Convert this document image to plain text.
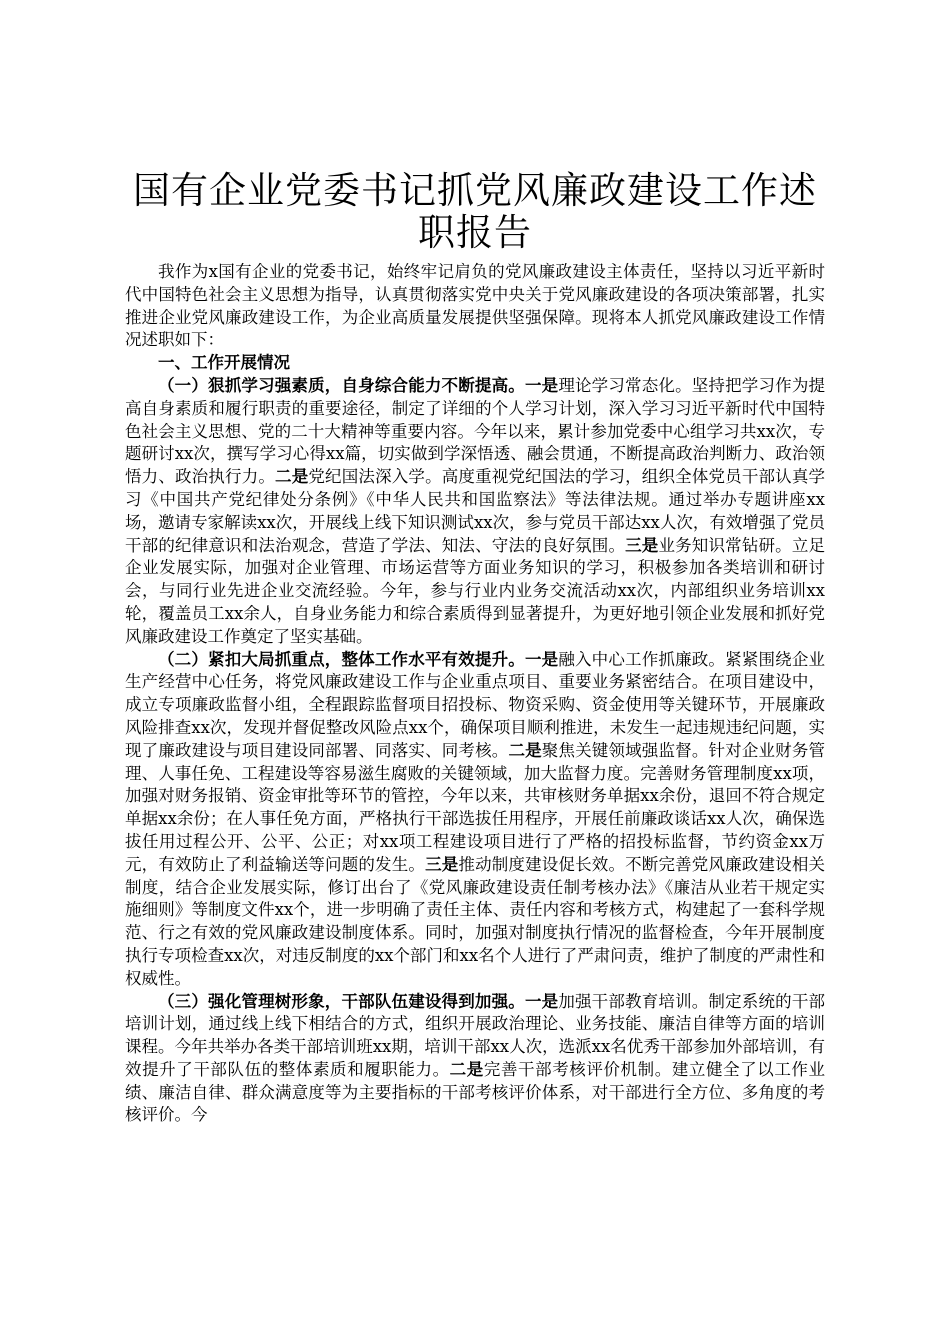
国有企业党委书记抓党风廉政建设工作述职报告

我作为x国有企业的党委书记，始终牢记肩负的党风廉政建设主体责任，坚持以习近平新时代中国特色社会主义思想为指导，认真贯彻落实党中央关于党风廉政建设的各项决策部署，扎实推进企业党风廉政建设工作，为企业高质量发展提供坚强保障。现将本人抓党风廉政建设工作情况述职如下：

一、工作开展情况

（一）狠抓学习强素质，自身综合能力不断提高。一是理论学习常态化。坚持把学习作为提高自身素质和履行职责的重要途径，制定了详细的个人学习计划，深入学习习近平新时代中国特色社会主义思想、党的二十大精神等重要内容。今年以来，累计参加党委中心组学习共xx次，专题研讨xx次，撰写学习心得xx篇，切实做到学深悟透、融会贯通，不断提高政治判断力、政治领悟力、政治执行力。二是党纪国法深入学。高度重视党纪国法的学习，组织全体党员干部认真学习《中国共产党纪律处分条例》《中华人民共和国监察法》等法律法规。通过举办专题讲座xx场，邀请专家解读xx次，开展线上线下知识测试xx次，参与党员干部达xx人次，有效增强了党员干部的纪律意识和法治观念，营造了学法、知法、守法的良好氛围。三是业务知识常钻研。立足企业发展实际，加强对企业管理、市场运营等方面业务知识的学习，积极参加各类培训和研讨会，与同行业先进企业交流经验。今年，参与行业内业务交流活动xx次，内部组织业务培训xx轮，覆盖员工xx余人，自身业务能力和综合素质得到显著提升，为更好地引领企业发展和抓好党风廉政建设工作奠定了坚实基础。

（二）紧扣大局抓重点，整体工作水平有效提升。一是融入中心工作抓廉政。紧紧围绕企业生产经营中心任务，将党风廉政建设工作与企业重点项目、重要业务紧密结合。在项目建设中，成立专项廉政监督小组，全程跟踪监督项目招投标、物资采购、资金使用等关键环节，开展廉政风险排查xx次，发现并督促整改风险点xx个，确保项目顺利推进，未发生一起违规违纪问题，实现了廉政建设与项目建设同部署、同落实、同考核。二是聚焦关键领域强监督。针对企业财务管理、人事任免、工程建设等容易滋生腐败的关键领域，加大监督力度。完善财务管理制度xx项，加强对财务报销、资金审批等环节的管控，今年以来，共审核财务单据xx余份，退回不符合规定单据xx余份；在人事任免方面，严格执行干部选拔任用程序，开展任前廉政谈话xx人次，确保选拔任用过程公开、公平、公正；对xx项工程建设项目进行了严格的招投标监督，节约资金xx万元，有效防止了利益输送等问题的发生。三是推动制度建设促长效。不断完善党风廉政建设相关制度，结合企业发展实际，修订出台了《党风廉政建设责任制考核办法》《廉洁从业若干规定实施细则》等制度文件xx个，进一步明确了责任主体、责任内容和考核方式，构建起了一套科学规范、行之有效的党风廉政建设制度体系。同时，加强对制度执行情况的监督检查，今年开展制度执行专项检查xx次，对违反制度的xx个部门和xx名个人进行了严肃问责，维护了制度的严肃性和权威性。

（三）强化管理树形象，干部队伍建设得到加强。一是加强干部教育培训。制定系统的干部培训计划，通过线上线下相结合的方式，组织开展政治理论、业务技能、廉洁自律等方面的培训课程。今年共举办各类干部培训班xx期，培训干部xx人次，选派xx名优秀干部参加外部培训，有效提升了干部队伍的整体素质和履职能力。二是完善干部考核评价机制。建立健全了以工作业绩、廉洁自律、群众满意度等为主要指标的干部考核评价体系，对干部进行全方位、多角度的考核评价。今
